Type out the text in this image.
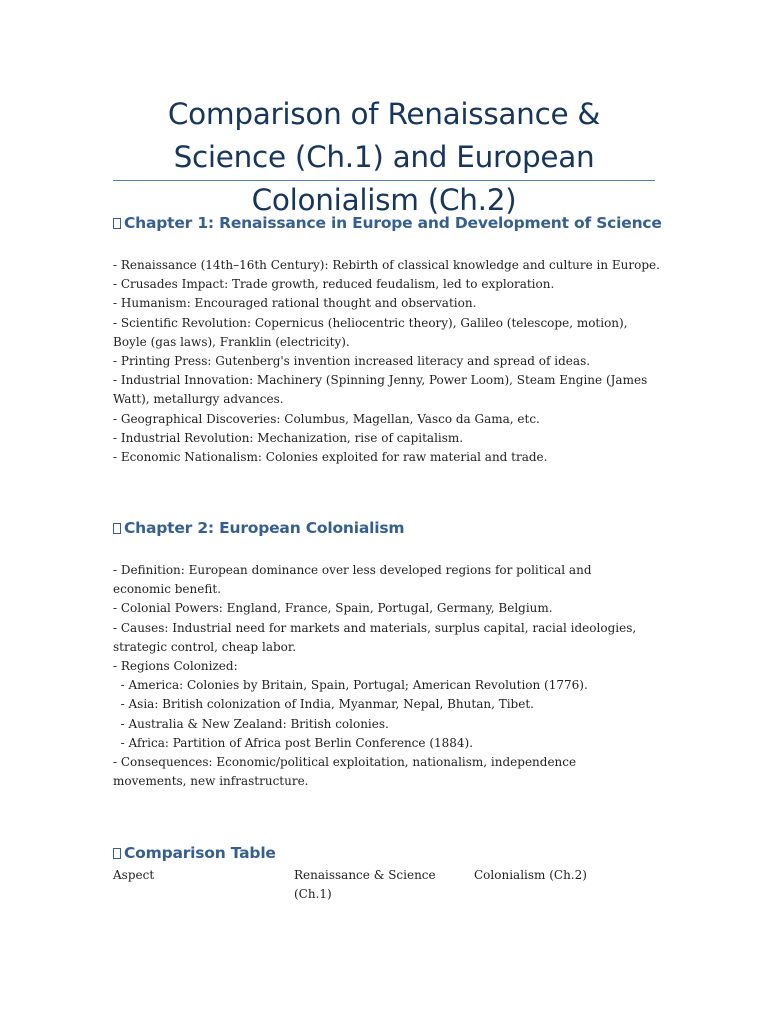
Comparison of Renaissance & Science (Ch.1) and European Colonialism (Ch.2)
Chapter 1: Renaissance in Europe and Development of Science
- Renaissance (14th–16th Century): Rebirth of classical knowledge and culture in Europe.
- Crusades Impact: Trade growth, reduced feudalism, led to exploration.
- Humanism: Encouraged rational thought and observation.
- Scientific Revolution: Copernicus (heliocentric theory), Galileo (telescope, motion), Boyle (gas laws), Franklin (electricity).
- Printing Press: Gutenberg's invention increased literacy and spread of ideas.
- Industrial Innovation: Machinery (Spinning Jenny, Power Loom), Steam Engine (James Watt), metallurgy advances.
- Geographical Discoveries: Columbus, Magellan, Vasco da Gama, etc.
- Industrial Revolution: Mechanization, rise of capitalism.
- Economic Nationalism: Colonies exploited for raw material and trade.
Chapter 2: European Colonialism
- Definition: European dominance over less developed regions for political and economic benefit.
- Colonial Powers: England, France, Spain, Portugal, Germany, Belgium.
- Causes: Industrial need for markets and materials, surplus capital, racial ideologies, strategic control, cheap labor.
- Regions Colonized:
- America: Colonies by Britain, Spain, Portugal; American Revolution (1776).
- Asia: British colonization of India, Myanmar, Nepal, Bhutan, Tibet.
- Australia & New Zealand: British colonies.
- Africa: Partition of Africa post Berlin Conference (1884).
- Consequences: Economic/political exploitation, nationalism, independence movements, new infrastructure.
Comparison Table
Aspect	Renaissance & Science (Ch.1)
Colonialism (Ch.2)
